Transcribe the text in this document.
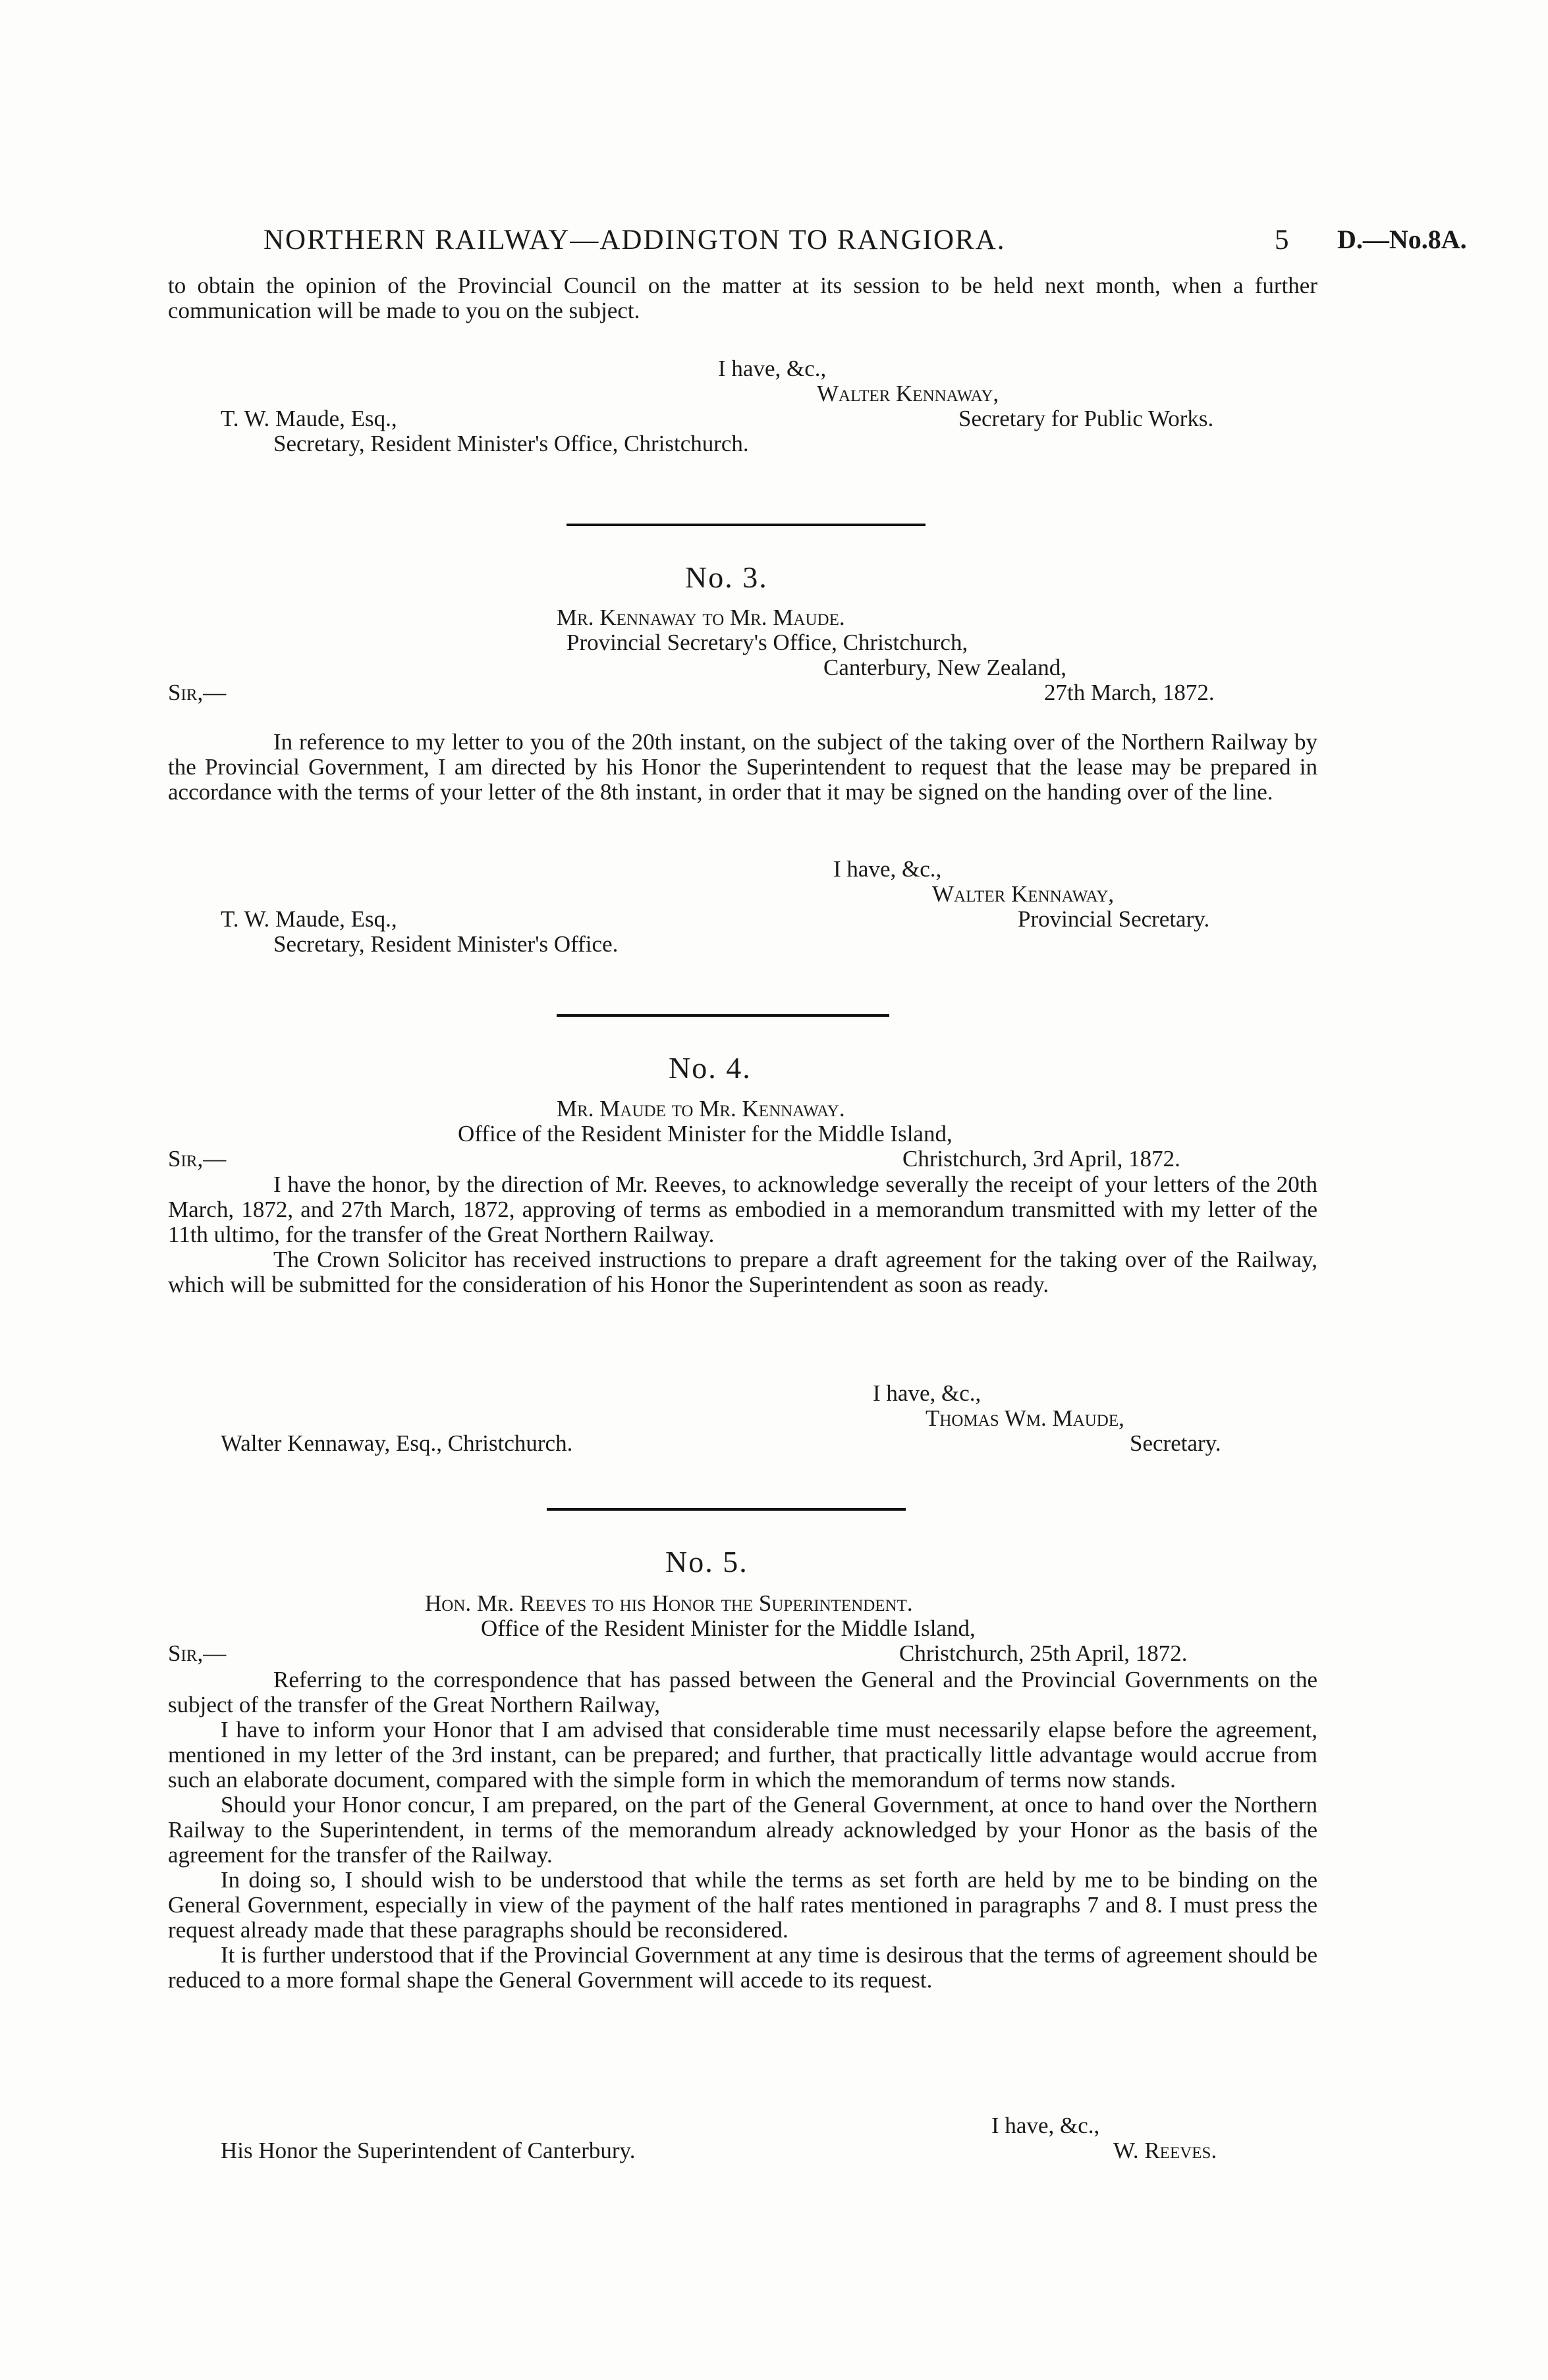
NORTHERN RAILWAY—ADDINGTON TO RANGIORA.	5 D.—No.8A.

to obtain the opinion of the Provincial Council on the matter at its session to be held next month, when a further communication will be made to you on the subject.

I have, &c.,
Walter Kennaway,
T. W. Maude, Esq.,	Secretary for Public Works.
Secretary, Resident Minister's Office, Christchurch.
No. 3.
Mr. Kennaway to Mr. Maude.
Provincial Secretary's Office, Christchurch,
Canterbury, New Zealand,
Sir,—	27th March, 1872.

In reference to my letter to you of the 20th instant, on the subject of the taking over of the Northern Railway by the Provincial Government, I am directed by his Honor the Superintendent to request that the lease may be prepared in accordance with the terms of your letter of the 8th instant, in order that it may be signed on the handing over of the line.

I have, &c.,
Walter Kennaway,
T. W. Maude, Esq.,	Provincial Secretary.
Secretary, Resident Minister's Office.
No. 4.
Mr. Maude to Mr. Kennaway.
Office of the Resident Minister for the Middle Island,
Sir,—	Christchurch, 3rd April, 1872.

I have the honor, by the direction of Mr. Reeves, to acknowledge severally the receipt of your letters of the 20th March, 1872, and 27th March, 1872, approving of terms as embodied in a memorandum transmitted with my letter of the 11th ultimo, for the transfer of the Great Northern Railway.

The Crown Solicitor has received instructions to prepare a draft agreement for the taking over of the Railway, which will be submitted for the consideration of his Honor the Superintendent as soon as ready.

I have, &c.,
Thomas Wm. Maude,
Walter Kennaway, Esq., Christchurch.	Secretary.
No. 5.
Hon. Mr. Reeves to his Honor the Superintendent.
Office of the Resident Minister for the Middle Island,
Sir,—	Christchurch, 25th April, 1872.

Referring to the correspondence that has passed between the General and the Provincial Governments on the subject of the transfer of the Great Northern Railway,

I have to inform your Honor that I am advised that considerable time must necessarily elapse before the agreement, mentioned in my letter of the 3rd instant, can be prepared; and further, that practically little advantage would accrue from such an elaborate document, compared with the simple form in which the memorandum of terms now stands.

Should your Honor concur, I am prepared, on the part of the General Government, at once to hand over the Northern Railway to the Superintendent, in terms of the memorandum already acknowledged by your Honor as the basis of the agreement for the transfer of the Railway.

In doing so, I should wish to be understood that while the terms as set forth are held by me to be binding on the General Government, especially in view of the payment of the half rates mentioned in paragraphs 7 and 8. I must press the request already made that these paragraphs should be reconsidered.

It is further understood that if the Provincial Government at any time is desirous that the terms of agreement should be reduced to a more formal shape the General Government will accede to its request.

I have, &c.,
His Honor the Superintendent of Canterbury.	W. Reeves.
